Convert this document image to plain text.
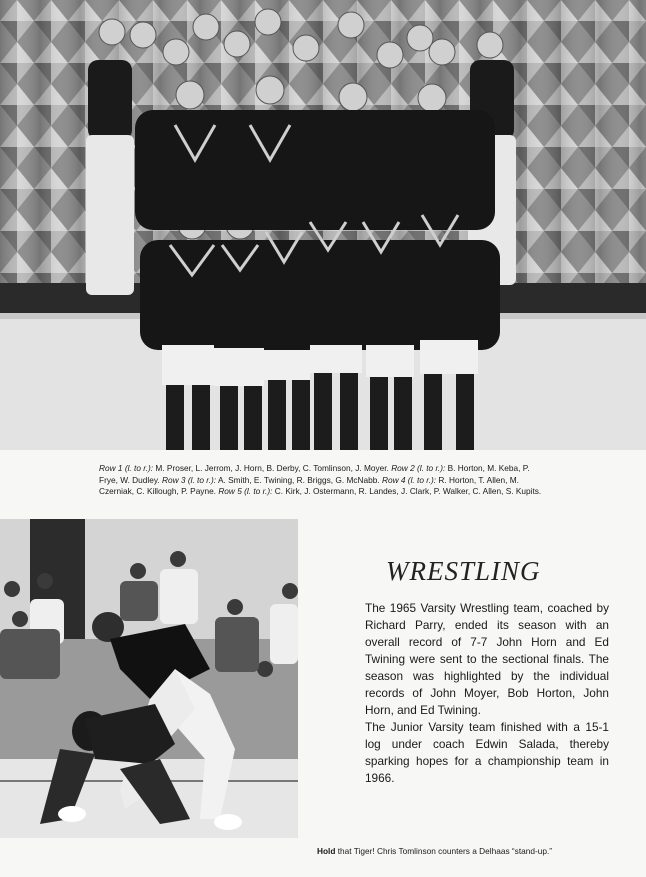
Row 1 (l. to r.): M. Proser, L. Jerrom, J. Horn, B. Derby, C. Tomlinson, J. Moyer. Row 2 (l. to r.): B. Horton, M. Keba, P. Frye, W. Dudley. Row 3 (l. to r.): A. Smith, E. Twining, R. Briggs, G. McNabb. Row 4 (l. to r.): R. Horton, T. Allen, M. Czerniak, C. Killough, P. Payne. Row 5 (l. to r.): C. Kirk, J. Ostermann, R. Landes, J. Clark, P. Walker, C. Allen, S. Kupits.
WRESTLING

The 1965 Varsity Wrestling team, coached by Richard Parry, ended its season with an overall record of 7-7 John Horn and Ed Twining were sent to the sectional finals. The season was highlighted by the individual records of John Moyer, Bob Horton, John Horn, and Ed Twining.

The Junior Varsity team finished with a 15-1 log under coach Edwin Salada, thereby sparking hopes for a championship team in 1966.

Hold that Tiger! Chris Tomlinson counters a Delhaas “stand-up.”
